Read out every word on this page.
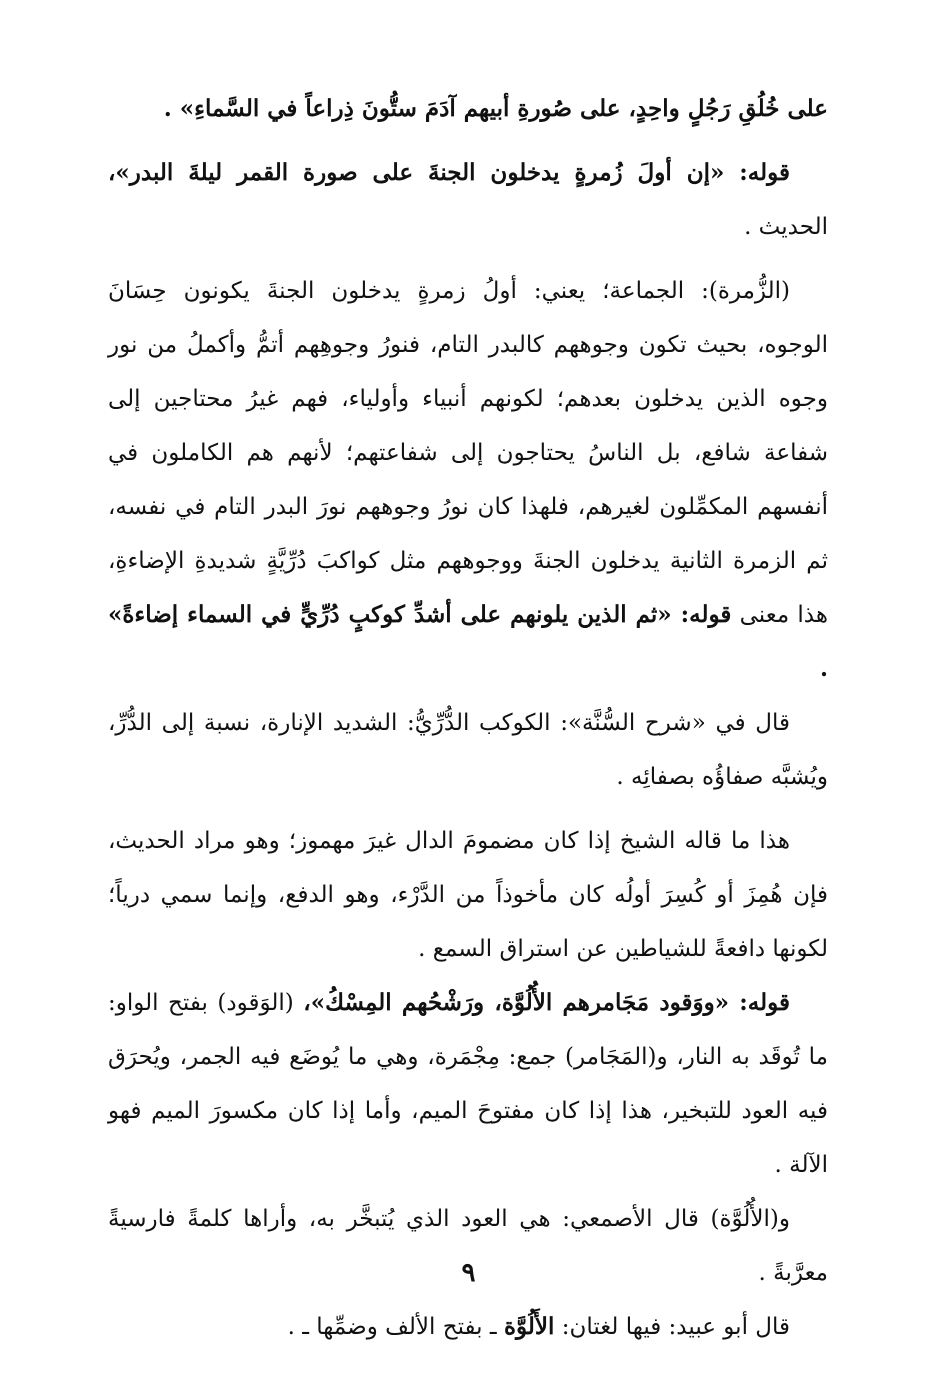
على خُلُقِ رَجُلٍ واحِدٍ، على صُورةِ أبيهم آدَمَ ستُّونَ ذِراعاً في السَّماءِ» .

قوله: «إن أولَ زُمرةٍ يدخلون الجنةَ على صورة القمر ليلةَ البدر»، الحديث .

(الزُّمرة): الجماعة؛ يعني: أولُ زمرةٍ يدخلون الجنةَ يكونون حِسَانَ الوجوه، بحيث تكون وجوههم كالبدر التام، فنورُ وجوهِهم أتمُّ وأكملُ من نور وجوه الذين يدخلون بعدهم؛ لكونهم أنبياء وأولياء، فهم غيرُ محتاجين إلى شفاعة شافع، بل الناسُ يحتاجون إلى شفاعتهم؛ لأنهم هم الكاملون في أنفسهم المكمِّلون لغيرهم، فلهذا كان نورُ وجوههم نورَ البدر التام في نفسه، ثم الزمرة الثانية يدخلون الجنةَ ووجوههم مثل كواكبَ دُرِّيَّةٍ شديدةِ الإضاءةِ، هذا معنى قوله: «ثم الذين يلونهم على أشدِّ كوكبٍ دُرِّيٍّ في السماء إضاءةً» .

قال في «شرح السُّنَّة»: الكوكب الدُّرِّيُّ: الشديد الإنارة، نسبة إلى الدُّرِّ، ويُشبَّه صفاؤُه بصفائِه .

هذا ما قاله الشيخ إذا كان مضمومَ الدال غيرَ مهموز؛ وهو مراد الحديث، فإن هُمِزَ أو كُسِرَ أولُه كان مأخوذاً من الدَّرْء، وهو الدفع، وإنما سمي درياً؛ لكونها دافعةً للشياطين عن استراق السمع .

قوله: «ووَقود مَجَامرهم الأُلُوَّة، ورَشْحُهم المِسْكُ»، (الوَقود) بفتح الواو: ما تُوقَد به النار، و(المَجَامر) جمع: مِجْمَرة، وهي ما يُوضَع فيه الجمر، ويُحرَق فيه العود للتبخير، هذا إذا كان مفتوحَ الميم، وأما إذا كان مكسورَ الميم فهو الآلة .

و(الأُلُوَّة) قال الأصمعي: هي العود الذي يُتبخَّر به، وأراها كلمةً فارسيةً معرَّبةً .

قال أبو عبيد: فيها لغتان: الأَلُوَّة ـ بفتح الألف وضمِّها ـ .

٩
